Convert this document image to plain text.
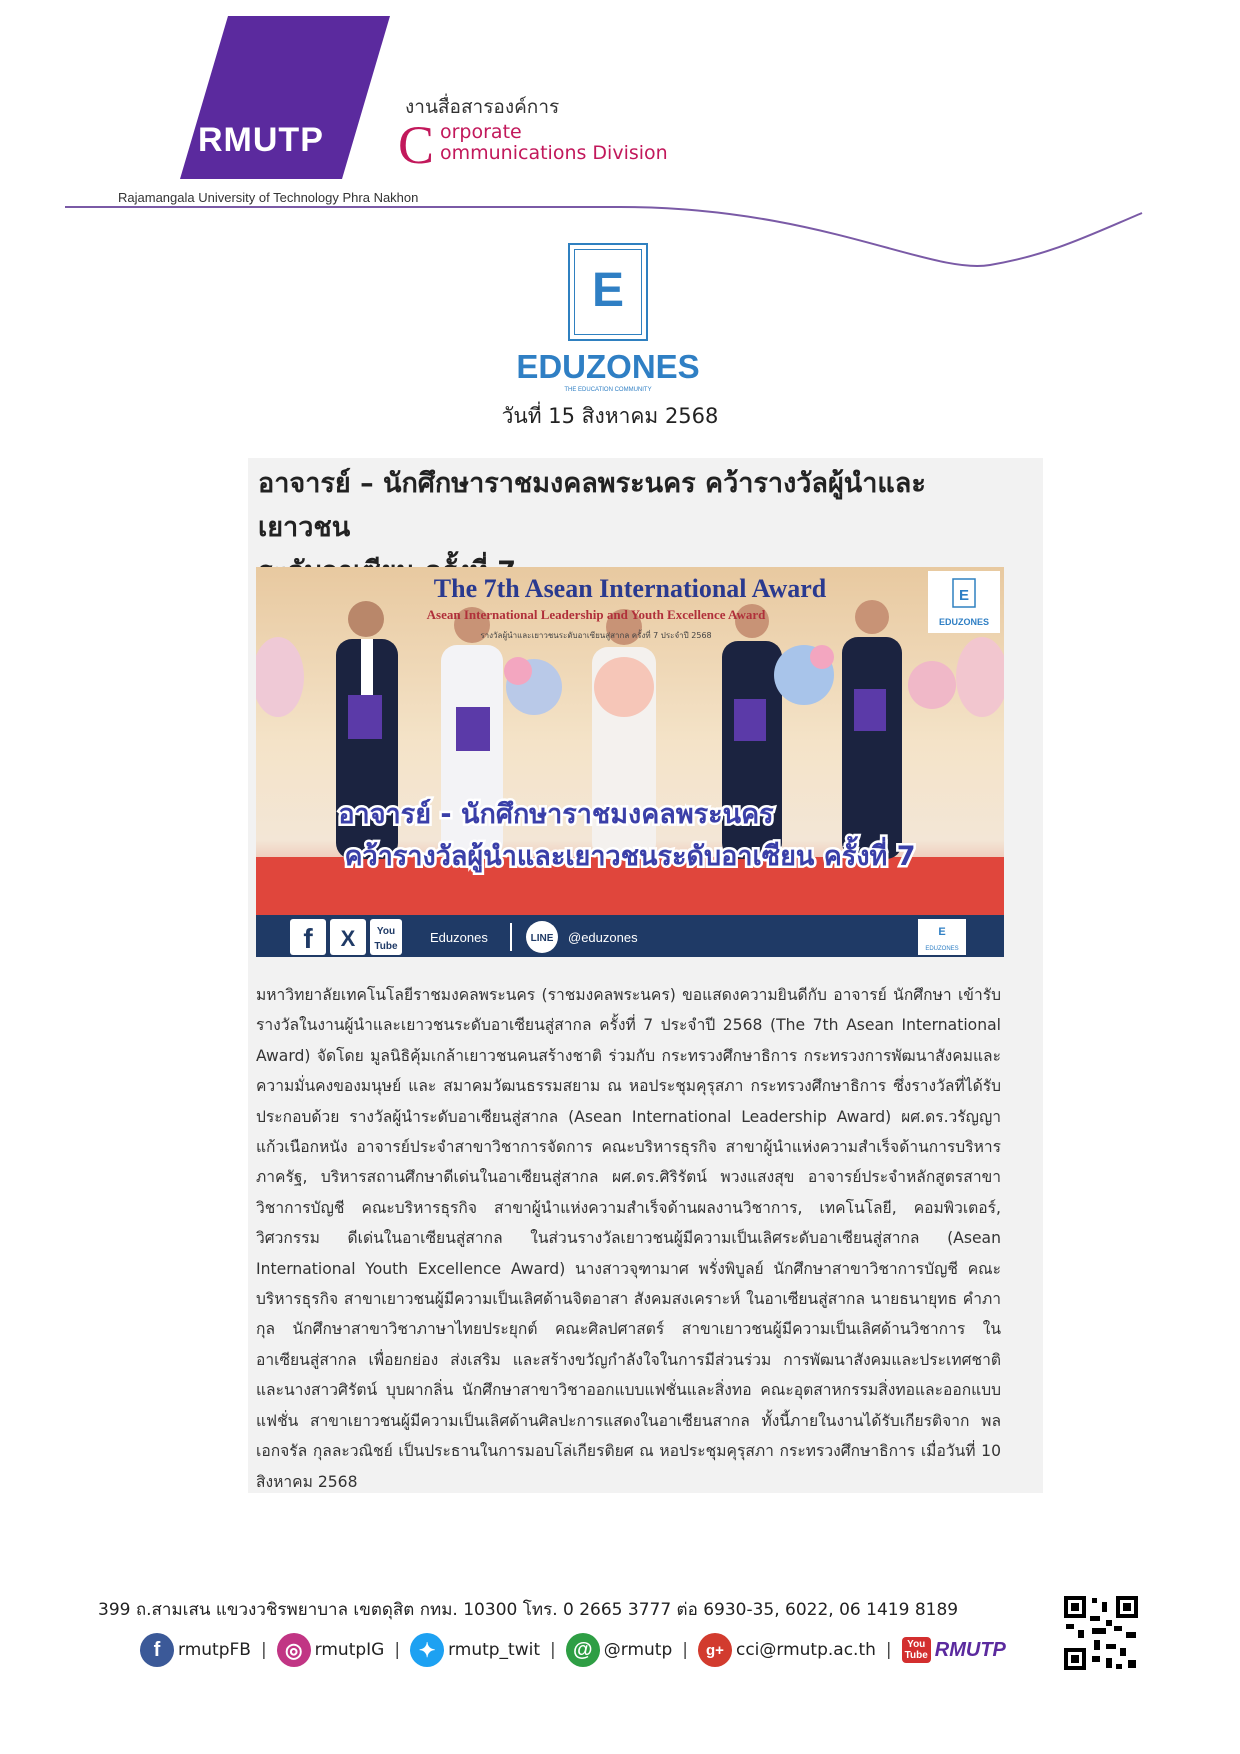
RMUTP
Rajamangala University of Technology Phra Nakhon
งานสื่อสารองค์การ
C orporate
ommunications Division
E
EDUZONES
THE EDUCATION COMMUNITY
วันที่ 15 สิงหาคม 2568
อาจารย์ – นักศึกษาราชมงคลพระนคร คว้ารางวัลผู้นำและเยาวชน
The 7th Asean International Award
Asean International Leadership and Youth Excellence Award
รางวัลผู้นำและเยาวชนระดับอาเซียนสู่สากล ครั้งที่ 7 ประจำปี 2568
E
EDUZONES
อาจารย์ - นักศึกษาราชมงคลพระนคร
คว้ารางวัลผู้นำและเยาวชนระดับอาเซียน ครั้งที่ 7
f X You
Tube
Eduzones	LINE @eduzones	E
EDUZONES
มหาวิทยาลัยเทคโนโลยีราชมงคลพระนคร (ราชมงคลพระนคร) ขอแสดงความยินดีกับ อาจารย์ นักศึกษา เข้ารับรางวัลในงานผู้นำและเยาวชนระดับอาเซียนสู่สากล ครั้งที่ 7 ประจำปี 2568 (The 7th Asean International Award) จัดโดย มูลนิธิคุ้มเกล้าเยาวชนคนสร้างชาติ ร่วมกับ กระทรวงศึกษาธิการ กระทรวงการพัฒนาสังคมและความมั่นคงของมนุษย์ และ สมาคมวัฒนธรรมสยาม ณ หอประชุมคุรุสภา กระทรวงศึกษาธิการ ซึ่งรางวัลที่ได้รับประกอบด้วย รางวัลผู้นำระดับอาเซียนสู่สากล (Asean International Leadership Award) ผศ.ดร.วรัญญา แก้วเนือกหนัง อาจารย์ประจำสาขาวิชาการจัดการ คณะบริหารธุรกิจ สาขาผู้นำแห่งความสำเร็จด้านการบริหารภาครัฐ, บริหารสถานศึกษาดีเด่นในอาเซียนสู่สากล ผศ.ดร.ศิริรัตน์ พวงแสงสุข อาจารย์ประจำหลักสูตรสาขาวิชาการบัญชี คณะบริหารธุรกิจ สาขาผู้นำแห่งความสำเร็จด้านผลงานวิชาการ, เทคโนโลยี, คอมพิวเตอร์, วิศวกรรม ดีเด่นในอาเซียนสู่สากล ในส่วนรางวัลเยาวชนผู้มีความเป็นเลิศระดับอาเซียนสู่สากล (Asean International Youth Excellence Award) นางสาวจุฑามาศ พรั่งพิบูลย์ นักศึกษาสาขาวิชาการบัญชี คณะบริหารธุรกิจ สาขาเยาวชนผู้มีความเป็นเลิศด้านจิตอาสา สังคมสงเคราะห์ ในอาเซียนสู่สากล นายธนายุทธ คำภากุล นักศึกษาสาขาวิชาภาษาไทยประยุกต์ คณะศิลปศาสตร์ สาขาเยาวชนผู้มีความเป็นเลิศด้านวิชาการ ในอาเซียนสู่สากล เพื่อยกย่อง ส่งเสริม และสร้างขวัญกำลังใจในการมีส่วนร่วม การพัฒนาสังคมและประเทศชาติ และนางสาวศิรัตน์ บุบผากลิ่น นักศึกษาสาขาวิชาออกแบบแฟชั่นและสิ่งทอ คณะอุตสาหกรรมสิ่งทอและออกแบบแฟชั่น สาขาเยาวชนผู้มีความเป็นเลิศด้านศิลปะการแสดงในอาเซียนสากล ทั้งนี้ภายในงานได้รับเกียรติจาก พลเอกจรัล กุลละวณิชย์ เป็นประธานในการมอบโล่เกียรติยศ ณ หอประชุมคุรุสภา กระทรวงศึกษาธิการ เมื่อวันที่ 10 สิงหาคม 2568
399 ถ.สามเสน แขวงวชิรพยาบาล เขตดุสิต กทม. 10300 โทร. 0 2665 3777 ต่อ 6930-35, 6022, 06 1419 8189
f	rmutpFB | ◎ rmutpIG | ✦ rmutp_twit | @ @rmutp |	g+ cci@rmutp.ac.th |	You
Tube RMUTP
